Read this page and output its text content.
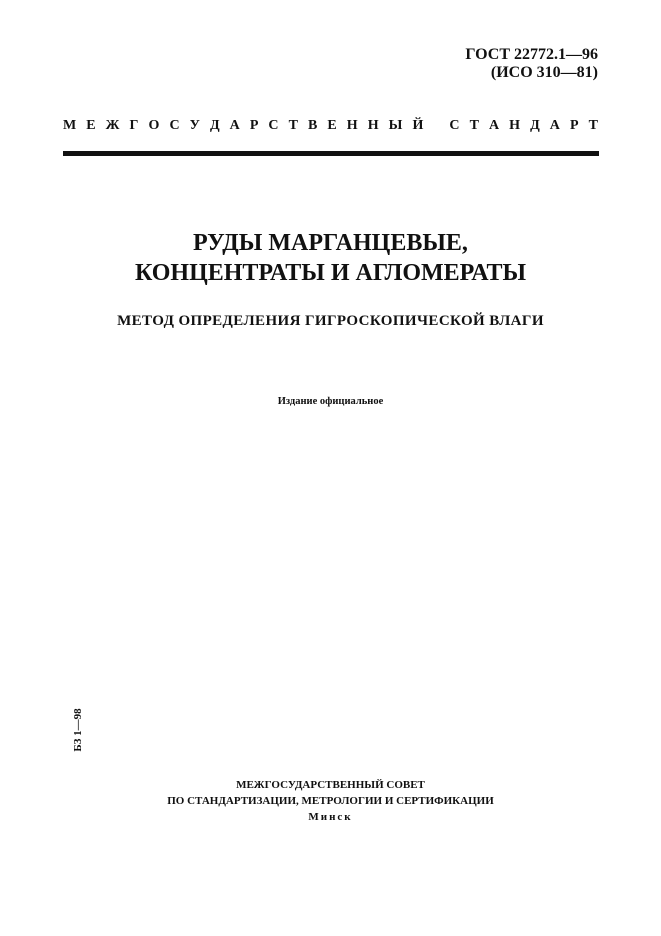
ГОСТ 22772.1—96
(ИСО 310—81)
М Е Ж Г О С У Д А Р С Т В Е Н Н Ы Й С Т А Н Д А Р Т
РУДЫ МАРГАНЦЕВЫЕ,
КОНЦЕНТРАТЫ И АГЛОМЕРАТЫ
МЕТОД ОПРЕДЕЛЕНИЯ ГИГРОСКОПИЧЕСКОЙ ВЛАГИ
Издание официальное
БЗ 1—98
МЕЖГОСУДАРСТВЕННЫЙ СОВЕТ
ПО СТАНДАРТИЗАЦИИ, МЕТРОЛОГИИ И СЕРТИФИКАЦИИ
Минск
